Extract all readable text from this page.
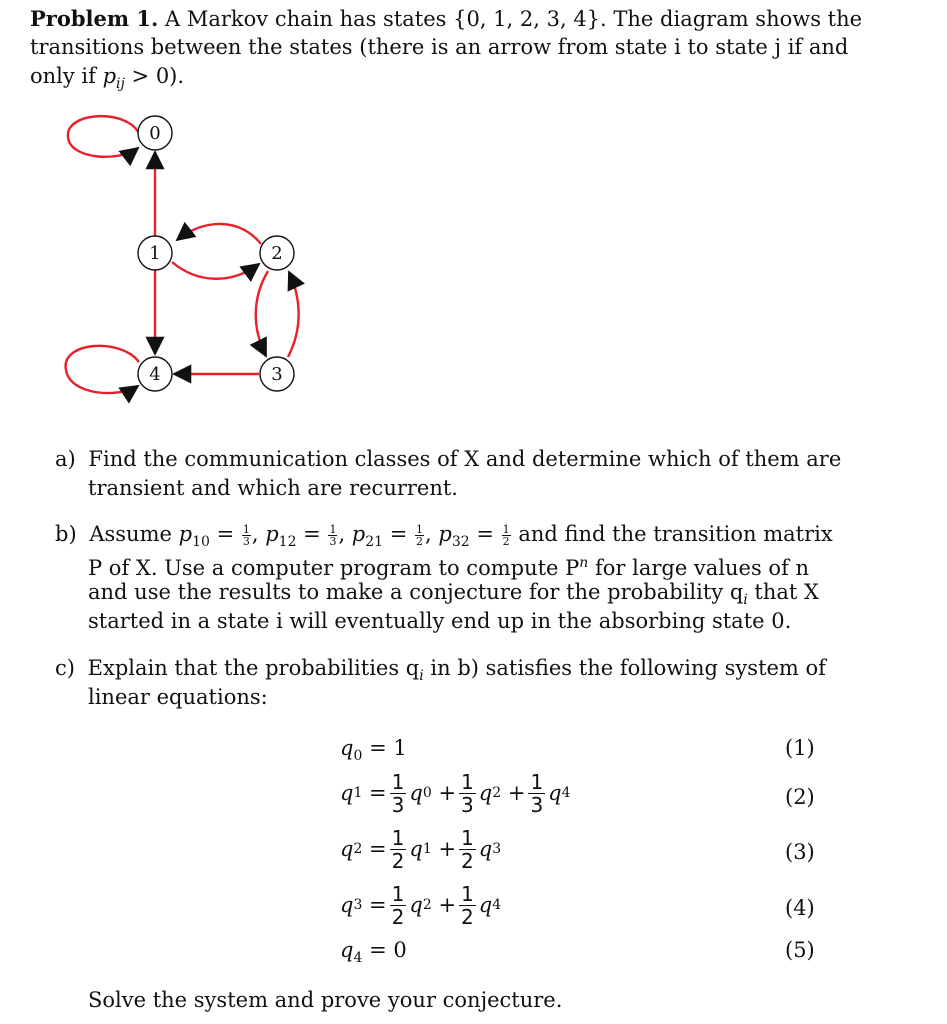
Problem 1. A Markov chain has states {0, 1, 2, 3, 4}. The diagram shows the
transitions between the states (there is an arrow from state i to state j if and
only if $p_{ij} > 0$).
0
1	2
3
4
a) Find the communication classes of X and determine which of them are
transient and which are recurrent.
b) Assume $p_{10} = \frac{1}{3}$ , $p_{12} = \frac{1}{3}$ , $p_{21} = \frac{1}{2}$ , $p_{32} = \frac{1}{2}$ and find the transition matrix
P of X. Use a computer program to compute $P^n$ for large values of n
and use the results to make a conjecture for the probability $q_i$ that X
started in a state i will eventually end up in the absorbing state 0.
c) Explain that the probabilities $q_i$ in b) satisfies the following system of
linear equations:
$q_0 = 1$	(1)
q 1 = 1
3 q 0 + 1
3 q 2 + 1
3 q 4	(2)
q 2 = 1
2 q 1 + 1
2 q 3	(3)
q 3 = 1
2 q 2 + 1
2 q 4	(4)
$q_4 = 0$	(5)
Solve the system and prove your conjecture.
